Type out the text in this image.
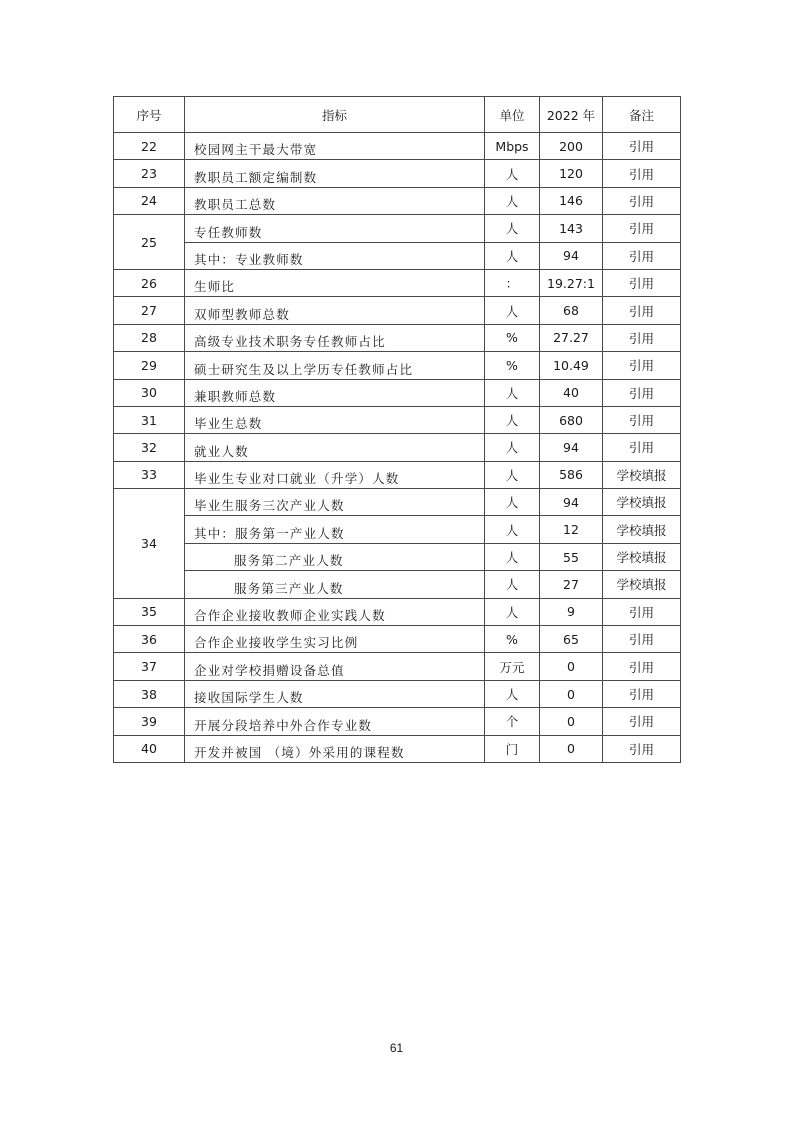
序号	指标	单位	2022 年	备注
22	校园网主干最大带宽	Mbps	200	引用
23	教职员工额定编制数	人	120	引用
24	教职员工总数	人	146	引用
25	专任教师数	人	143	引用
	其中：专业教师数	人	94	引用
26	生师比	：	19.27:1	引用
27	双师型教师总数	人	68	引用
28	高级专业技术职务专任教师占比	%	27.27	引用
29	硕士研究生及以上学历专任教师占比	%	10.49	引用
30	兼职教师总数	人	40	引用
31	毕业生总数	人	680	引用
32	就业人数	人	94	引用
33	毕业生专业对口就业（升学）人数	人	586	学校填报
34	毕业生服务三次产业人数	人	94	学校填报
	其中：服务第一产业人数	人	12	学校填报
	服务第二产业人数	人	55	学校填报
	服务第三产业人数	人	27	学校填报
35	合作企业接收教师企业实践人数	人	9	引用
36	合作企业接收学生实习比例	%	65	引用
37	企业对学校捐赠设备总值	万元	0	引用
38	接收国际学生人数	人	0	引用
39	开展分段培养中外合作专业数	个	0	引用
40	开发并被国 （境）外采用的课程数	门	0	引用
61
